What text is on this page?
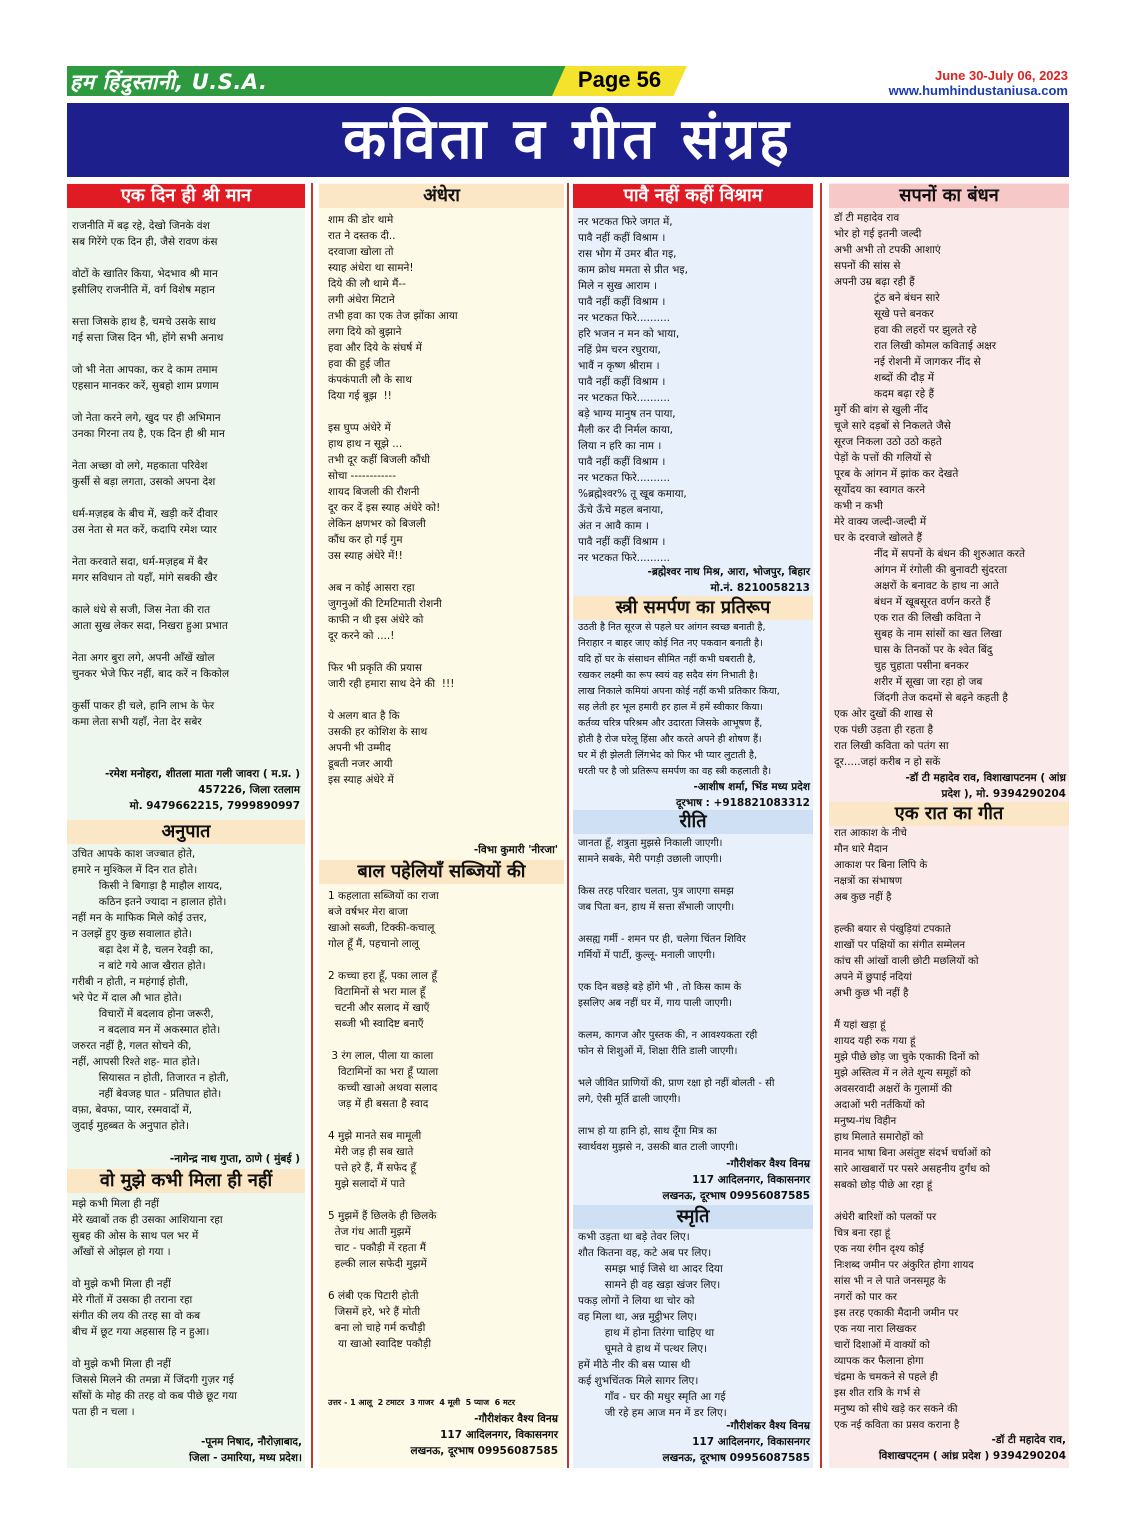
हम हिंदुस्तानी, U.S.A.	Page 56	June 30-July 06, 2023
www.humhindustaniusa.com
कविता व गीत संग्रह
एक दिन ही श्री मान
राजनीति में बढ़ रहे, देखो जिनके वंश
सब गिरेंगे एक दिन ही, जैसे रावण कंस

वोटों के खातिर किया, भेदभाव श्री मान
इसीलिए राजनीति में, वर्ग विशेष महान

सत्ता जिसके हाथ है, चमचे उसके साथ
गई सत्ता जिस दिन भी, होंगे सभी अनाथ

जो भी नेता आपका, कर दे काम तमाम
एहसान मानकर करें, सुबहो शाम प्रणाम

जो नेता करने लगे, खुद पर ही अभिमान
उनका गिरना तय है, एक दिन ही श्री मान

नेता अच्छा वो लगे, महकाता परिवेश
कुर्सी से बड़ा लगता, उसको अपना देश

धर्म-मज़हब के बीच में, खड़ी करें दीवार
उस नेता से मत करें, कदापि रमेश प्यार

नेता करवाते सदा, धर्म-मज़हब में बैर
मगर सविधान तो यहाँ, मांगे सबकी खैर

काले धंधे से सजी, जिस नेता की रात
आता सुख लेकर सदा, निखरा हुआ प्रभात

नेता अगर बुरा लगे, अपनी आँखें खोल
चुनकर भेजे फिर नहीं, बाद करें न किकोल

कुर्सी पाकर ही चले, हानि लाभ के फेर
कमा लेता सभी यहाँ, नेता देर सबेर
-रमेश मनोहरा, शीतला माता गली जावरा ( म.प्र. )
457226, जिला रतलाम
मो. 9479662215, 7999890997
अनुपात
उचित आपके काश जज्बात होते,
हमारे न मुश्किल में दिन रात होते।
किसी ने बिगाड़ा है माहौल शायद,
कठिन इतने ज्यादा न हालात होते।
नहीं मन के माफिक मिले कोई उत्तर,
न उलझें हुए कुछ सवालात होते।
बढ़ा देश में है, चलन रेवड़ी का,
न बांटे गये आज खैरात होते।
गरीबी न होती, न महंगाई होती,
भरे पेट में दाल औ भात होते।
विचारों में बदलाव होना जरूरी,
न बदलाव मन में अकस्मात होते।
जरुरत नहीं है, गलत सोचने की,
नहीं, आपसी रिश्ते शह- मात होते।
सियासत न होती, तिजारत न होती,
नहीं बेवजह घात - प्रतिघात होते।
वफ़ा, बेवफा, प्यार, रस्मवादों में,
जुदाई मुहब्बत के अनुपात होते।
-नागेन्द्र नाथ गुप्ता, ठाणे ( मुंबई )
वो मुझे कभी मिला ही नहीं
मझे कभी मिला ही नहीं
मेरे ख्वाबों तक ही उसका आशियाना रहा
सुबह की ओस के साथ पल भर में
आँखों से ओझल हो गया ।

वो मुझे कभी मिला ही नहीं
मेरे गीतों में उसका ही तराना रहा
संगीत की लय की तरह सा वो कब
बीच में छूट गया अहसास हि न हुआ।

वो मुझे कभी मिला ही नहीं
जिससे मिलने की तमन्ना में जिंदगी गुज़र गई
साँसों के मोह की तरह वो कब पीछे छूट गया
पता ही न चला ।
-पूनम निषाद, नौरोज़ाबाद,
जिला - उमारिया, मध्य प्रदेश।
अंधेरा
शाम की डोर थामे
रात ने दस्तक दी..
दरवाजा खोला तो
स्याह अंधेरा था सामने!
दिये की लौ थामे मैं--
लगी अंधेरा मिटाने
तभी हवा का एक तेज झोंका आया
लगा दिये को बुझाने
हवा और दिये के संघर्ष में
हवा की हुई जीत
कंपकंपाती लौ के साथ
दिया गई बूझ  !!

इस घुप्प अंधेरे में
हाथ हाथ न सूझे ...
तभी दूर कहीं बिजली कौंधी
सोचा ------------
शायद बिजली की रौशनी
दूर कर दें इस स्याह अंधेरे को!
लेकिन क्षणभर को बिजली
कौंध कर हो गई गुम
उस स्याह अंधेरे में!!

अब न कोई आसरा रहा
जुगनुओं की टिमटिमाती रोशनी
काफी न थी इस अंधेरे को
दूर करने को ....!

फिर भी प्रकृति की प्रयास
जारी रही हमारा साथ देने की  !!!

ये अलग बात है कि
उसकी हर कोशिश के साथ
अपनी भी उम्मीद
डूबती नजर आयी
इस स्याह अंधेरे में
-विभा कुमारी 'नीरजा'
बाल पहेलियाँ सब्जियों की
1 कहलाता सब्जियों का राजा
बजे वर्षभर मेरा बाजा
खाओ सब्जी, टिक्की-कचालू
गोल हूँ मैं, पहचानो लालू

2 कच्चा हरा हूँ, पका लाल हूँ
विटामिनों से भरा माल हूँ
चटनी और सलाद में खाएँ
सब्जी भी स्वादिष्ट बनाएँ

3 रंग लाल, पीला या काला
विटामिनों का भरा हूँ प्याला
कच्ची खाओ अथवा सलाद
जड़ में ही बसता है स्वाद

4 मुझे मानते सब मामूली
मेरी जड़ ही सब खाते
पत्ते हरे हैं, मैं सफेद हूँ
मुझे सलादों में पाते

5 मुझमें हैं छिलके ही छिलके
तेज गंध आती मुझमें
चाट - पकौड़ी में रहता मैं
हल्की लाल सफेदी मुझमें

6 लंबी एक पिटारी होती
जिसमें हरे, भरे हैं मोती
बना लो चाहे गर्म कचौड़ी
या खाओ स्वादिष्ट पकौड़ी
उत्तर - 1 आलू  2 टमाटर  3 गाजर  4 मूली  5 प्याज  6 मटर
-गौरीशंकर वैश्य विनम्र
117 आदिलनगर, विकासनगर
लखनऊ, दूरभाष 09956087585
पावै नहीं कहीं विश्राम
नर भटकत फिरे जगत में,
पावै नहीं कहीं विश्राम ।
रास भोग में उमर बीत गइ,
काम क्रोध ममता से प्रीत भइ,
मिले न सुख आराम ।
पावै नहीं कहीं विश्राम ।
नर भटकत फिरे..........
हरि भजन न मन को भाया,
नहिं प्रेम चरन रघुराया,
भावैं न कृष्ण श्रीराम ।
पावै नहीं कहीं विश्राम ।
नर भटकत फिरे..........
बड़े भाग्य मानुष तन पाया,
मैली कर दी निर्मल काया,
लिया न हरि का नाम ।
पावै नहीं कहीं विश्राम ।
नर भटकत फिरे..........
%ब्रह्मेश्वर% तू खूब कमाया,
ऊँचे ऊँचे महल बनाया,
अंत न आवै काम ।
पावै नहीं कहीं विश्राम ।
नर भटकत फिरे..........
-ब्रह्मेश्वर नाथ मिश्र, आरा, भोजपुर, बिहार
मो.नं. 8210058213
स्त्री समर्पण का प्रतिरूप
उठती है नित सूरज से पहले घर आंगन स्वच्छ बनाती है,
निराहार न बाहर जाए कोई नित नए पकवान बनाती है।
यदि हों घर के संसाधन सीमित नहीं कभी घबराती है,
रखकर लक्ष्मी का रूप स्वयं वह सदैव संग निभाती है।
लाख निकाले कमियां अपना कोई नहीं कभी प्रतिकार किया,
सह लेती हर भूल हमारी हर हाल में हमें स्वीकार किया।
कर्तव्य चरित्र परिश्रम और उदारता जिसके आभूषण हैं,
होती है रोज घरेलू हिंसा और करते अपने ही शोषण हैं।
घर में ही झेलती लिंगभेद को फिर भी प्यार लुटाती है,
धरती पर है जो प्रतिरूप समर्पण का वह स्त्री कहलाती है।
-आशीष शर्मा, भिंड मध्य प्रदेश
दूरभाष : +918821083312
रीति
जानता हूँ, शत्रुता मुझसे निकाली जाएगी।
सामने सबके, मेरी पगड़ी उछाली जाएगी।

किस तरह परिवार चलता, पुत्र जाएगा समझ
जब पिता बन, हाथ में सत्ता सँभाली जाएगी।

असह्य गर्मी - शमन पर ही, चलेगा चिंतन शिविर
गर्मियों में पार्टी, कुल्लू- मनाली जाएगी।

एक दिन बछड़े बड़े होंगे भी , तो किस काम के
इसलिए अब नहीं घर में, गाय पाली जाएगी।

कलम, कागज और पुस्तक की, न आवश्यकता रही
फोन से शिशुओं में, शिक्षा रीति डाली जाएगी।

भले जीवित प्राणियों की, प्राण रक्षा हो नहीं बोलती - सी
लगे, ऐसी मूर्ति ढाली जाएगी।

लाभ हो या हानि हो, साथ दूँगा मित्र का
स्वार्थवश मुझसे न, उसकी बात टाली जाएगी।
-गौरीशंकर वैश्य विनम्र
117 आदिलनगर, विकासनगर
लखनऊ, दूरभाष 09956087585
स्मृति
कभी उड़ता था बड़े तेवर लिए।
शौत कितना वह, कटे अब पर लिए।
समझ भाई जिसे था आदर दिया
सामने ही वह खड़ा खंजर लिए।
पकड़ लोगों ने लिया था चोर को
वह मिला था, अन्न मुट्ठीभर लिए।
हाथ में होना तिरंगा चाहिए था
घूमते वे हाथ में पत्थर लिए।
हमें मीठे नीर की बस प्यास थी
कई शुभचिंतक मिले सागर लिए।
गाँव - घर की मधुर स्मृति आ गई
जी रहे हम आज मन में डर लिए।
-गौरीशंकर वैश्य विनम्र
117 आदिलनगर, विकासनगर
लखनऊ, दूरभाष 09956087585
सपनों का बंधन
डॉ टी महादेव राव
भोर हो गई इतनी जल्दी
अभी अभी तो टपकी आशाएं
सपनों की सांस से
अपनी उम्र बढ़ा रही हैं
टूंठ बने बंधन सारे
सूखे पत्ते बनकर
हवा की लहरों पर झुलते रहे
रात लिखी कोमल कविताई अक्षर
नई रोशनी में जागकर नींद से
शब्दों की दौड़ में
कदम बढ़ा रहे हैं
मुर्गे की बांग से खुली नींद
चूजे सारे दड़बों से निकलते जैसे
सूरज निकला उठो उठो कहते
पेड़ों के पत्तों की गलियों से
पूरब के आंगन में झांक कर देखते
सूर्योदय का स्वागत करने
कभी न कभी
मेरे वाक्य जल्दी-जल्दी में
घर के दरवाजे खोलते हैं
नींद में सपनों के बंधन की शुरुआत करते
आंगन में रंगोली की बुनावटी सुंदरता
अक्षरों के बनावट के हाथ ना आते
बंधन में खूबसूरत वर्णन करते हैं
एक रात की लिखी कविता ने
सुबह के नाम सांसों का खत लिखा
घास के तिनकों पर के श्वेत बिंदु
चुह चुहाता पसीना बनकर
शरीर में सूखा जा रहा हो जब
जिंदगी तेज कदमों से बढ़ने कहती है
एक ओर दुखों की शाख से
एक पंछी उड़ता ही रहता है
रात लिखी कविता को पतंग सा
दूर.....जहां करीब न हो सकें
-डॉ टी महादेव राव, विशाखापटनम ( आंध्र
प्रदेश ), मो. 9394290204
एक रात का गीत
रात आकाश के नीचे
मौन धारे मैदान
आकाश पर बिना लिपि के
नक्षत्रों का संभाषण
अब कुछ नहीं है

हल्की बयार से पंखुड़ियां टपकाते
शाखों पर पक्षियों का संगीत सम्मेलन
कांच सी आंखों वाली छोटी मछलियों को
अपने में छुपाई नदियां
अभी कुछ भी नहीं है

मैं यहां खड़ा हूं
शायद यही रुक गया हूं
मुझे पीछे छोड़ जा चुके एकाकी दिनों को
मुझे अस्तित्व में न लेते शून्य समूहों को
अवसरवादी अक्षरों के गुलामों की
अदाओं भरी नर्तकियों को
मनुष्य-गंध विहीन
हाथ मिलाते समारोहों को
मानव भाषा बिना असंतुष्ट संदर्भ चर्चाओं को
सारे आखबारों पर पसरे असहनीय दुर्गंध को
सबको छोड़ पीछे आ रहा हूं

अंधेरी बारिशों को पलकों पर
चित्र बना रहा हूं
एक नया रंगीन दृश्य कोई
निःशब्द जमीन पर अंकुरित होगा शायद
सांस भी न ले पाते जनसमूह के
नगरों को पार कर
इस तरह एकाकी मैदानी जमीन पर
एक नया नारा लिखकर
चारों दिशाओं में वाक्यों को
व्यापक कर फैलाना होगा
चंद्रमा के चमकने से पहले ही
इस शीत रात्रि के गर्भ से
मनुष्य को सीधे खड़े कर सकने की
एक नई कविता का प्रसव कराना है
-डॉ टी महादेव राव,
विशाखपट्नम ( आंध्र प्रदेश ) 9394290204
